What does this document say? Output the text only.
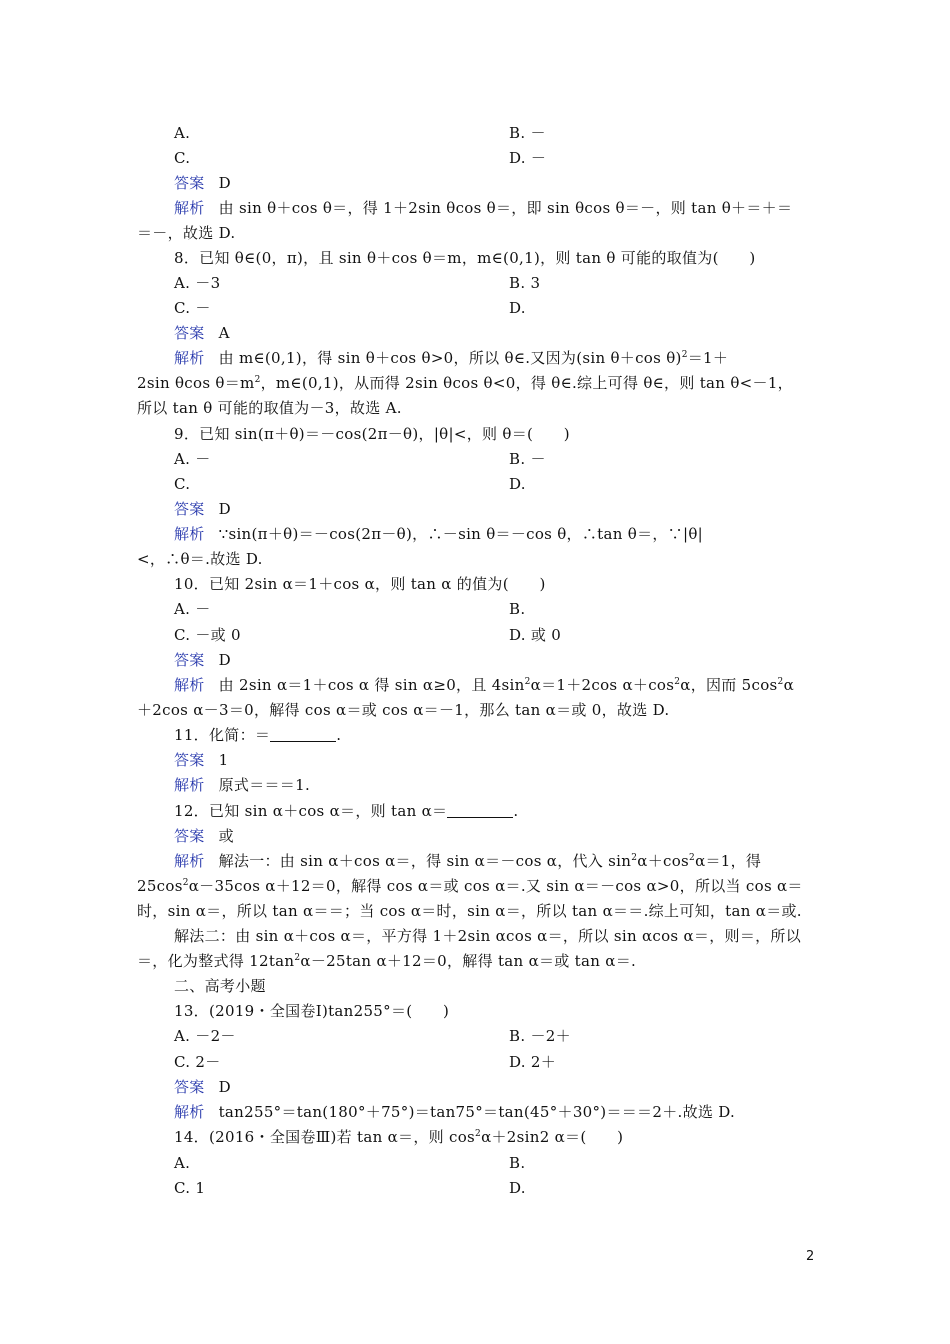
A.	B. －
C.	D. －
答案 D
解析 由 sin θ＋cos θ＝，得 1＋2sin θcos θ＝，即 sin θcos θ＝－，则 tan θ＋＝＋＝
＝－，故选 D.
8．已知 θ∈(0，π)，且 sin θ＋cos θ＝m，m∈(0,1)，则 tan θ 可能的取值为(　　)
A. －3	B. 3
C. －	D.
答案 A
解析 由 m∈(0,1)，得 sin θ＋cos θ>0，所以 θ∈.又因为(sin θ＋cos θ)$^2$＝1＋
2sin θcos $\theta=m^2$，m∈(0,1)，从而得 2sin θcos θ<0，得 θ∈.综上可得 θ∈，则 tan θ<－1，
所以 tan θ 可能的取值为－3，故选 A.
9．已知 sin(π＋θ)＝－cos(2π－θ)，|θ|<，则 θ＝(　　)
A. －	B. －
C.	D.
答案 D
解析 ∵sin(π＋θ)＝－cos(2π－θ)，∴－sin θ＝－cos θ，∴tan θ＝，∵|θ|
<，∴θ＝.故选 D.
10．已知 2sin α＝1＋cos α，则 tan α 的值为(　　)
A. －	B.
C. －或 0	D. 或 0
答案 D
解析 由 2sin α＝1＋cos α 得 sin α≥0，且 $4\sin^2\alpha=1+2\cos$ $\alpha+\cos^2\alpha$，因而 $5\cos^2\alpha$
＋2cos α－3＝0，解得 cos α＝或 cos α＝－1，那么 tan α＝或 0，故选 D.
11．化简：＝	.
答案 1
解析 原式＝＝＝1.
12．已知 sin α＋cos α＝，则 tan α＝	.
答案 或
解析 解法一：由 sin α＋cos α＝，得 sin α＝－cos α，代入 $\sin^2\alpha+\cos^2\alpha=1$，得
$25\cos^2\alpha-35\cos$ α＋12＝0，解得 cos α＝或 cos α＝.又 sin α＝－cos α>0，所以当 cos α＝
时，sin α＝，所以 tan α＝＝；当 cos α＝时，sin α＝，所以 tan α＝＝.综上可知，tan α＝或.
解法二：由 sin α＋cos α＝，平方得 1＋2sin αcos α＝，所以 sin αcos α＝，则＝，所以
＝，化为整式得 $12\tan^2\alpha-25\tan$ α＋12＝0，解得 tan α＝或 tan α＝.
二、高考小题
13．(2019・全国卷Ⅰ)tan255°＝(　　)
A. －2－	B. －2＋
C. 2－	D. 2＋
答案 D
解析 tan255°＝tan(180°＋75°)＝tan75°＝tan(45°＋30°)＝＝＝2＋.故选 D.
14．(2016・全国卷Ⅲ)若 tan α＝，则 $\cos^2\alpha+2\sin 2$ α＝(　　)
A.	B.
C. 1	D.
2
